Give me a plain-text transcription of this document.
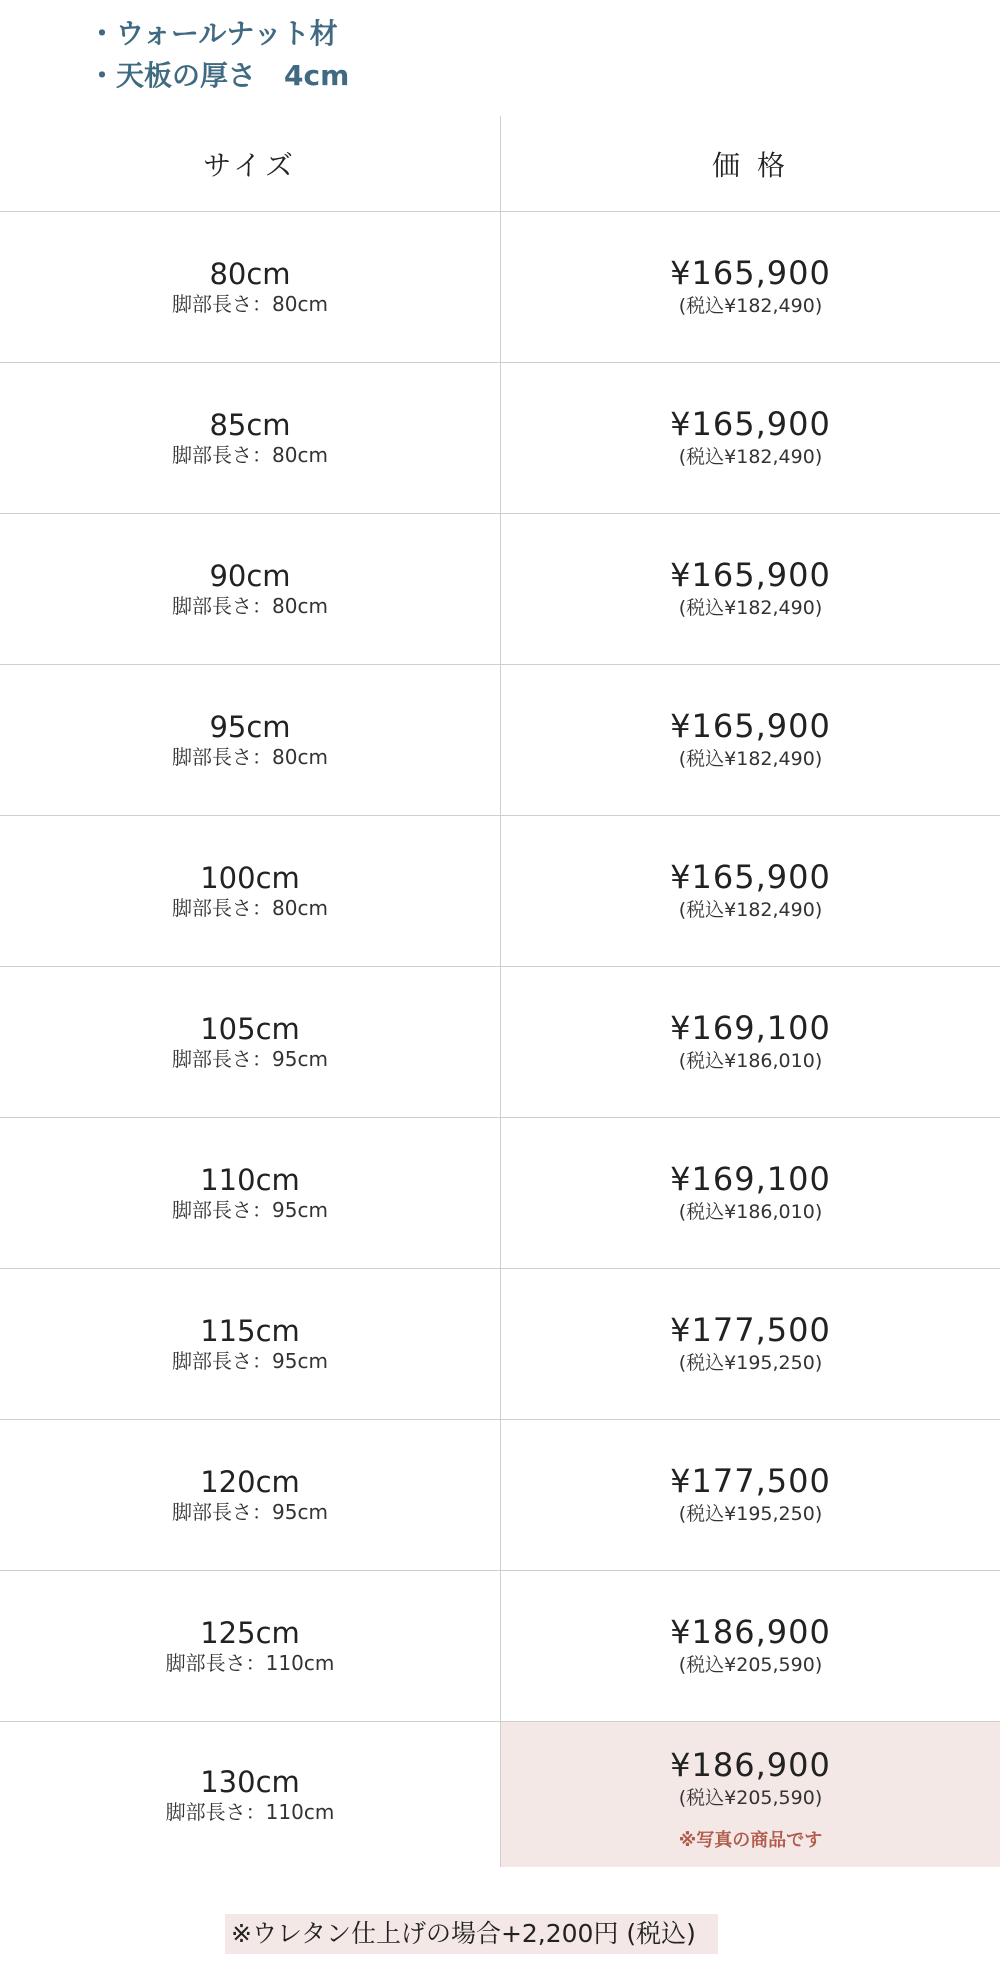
・ウォールナット材
・天板の厚さ　4cm
サイズ	価 格
80cm
脚部長さ：80cm
¥165,900
(税込¥182,490)
85cm
脚部長さ：80cm
¥165,900
(税込¥182,490)
90cm
脚部長さ：80cm
¥165,900
(税込¥182,490)
95cm
脚部長さ：80cm
¥165,900
(税込¥182,490)
100cm
脚部長さ：80cm
¥165,900
(税込¥182,490)
105cm
脚部長さ：95cm
¥169,100
(税込¥186,010)
110cm
脚部長さ：95cm
¥169,100
(税込¥186,010)
115cm
脚部長さ：95cm
¥177,500
(税込¥195,250)
120cm
脚部長さ：95cm
¥177,500
(税込¥195,250)
125cm
脚部長さ：110cm
¥186,900
(税込¥205,590)
130cm
脚部長さ：110cm
¥186,900
(税込¥205,590)
※写真の商品です
※ウレタン仕上げの場合+2,200円 (税込)
